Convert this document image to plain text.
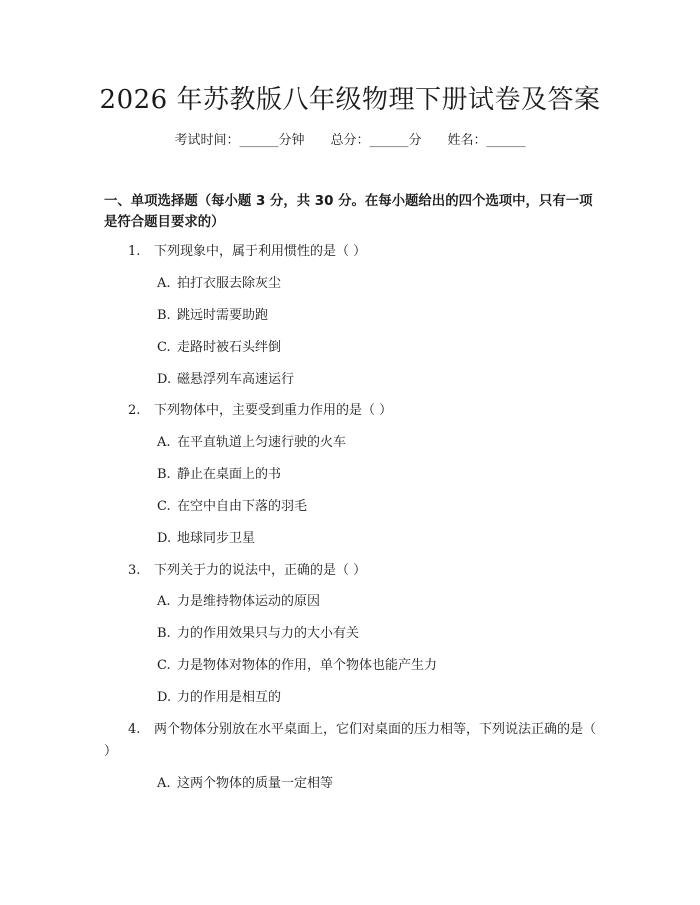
2026 年苏教版八年级物理下册试卷及答案
考试时间：______分钟 总分：______分 姓名：______
一、单项选择题（每小题 3 分，共 30 分。在每小题给出的四个选项中，只有一项是符合题目要求的）
1. 下列现象中，属于利用惯性的是（ ）
A. 拍打衣服去除灰尘
B. 跳远时需要助跑
C. 走路时被石头绊倒
D. 磁悬浮列车高速运行
2. 下列物体中，主要受到重力作用的是（ ）
A. 在平直轨道上匀速行驶的火车
B. 静止在桌面上的书
C. 在空中自由下落的羽毛
D. 地球同步卫星
3. 下列关于力的说法中，正确的是（ ）
A. 力是维持物体运动的原因
B. 力的作用效果只与力的大小有关
C. 力是物体对物体的作用，单个物体也能产生力
D. 力的作用是相互的
4. 两个物体分别放在水平桌面上，它们对桌面的压力相等，下列说法正确的是（ ）
A. 这两个物体的质量一定相等
